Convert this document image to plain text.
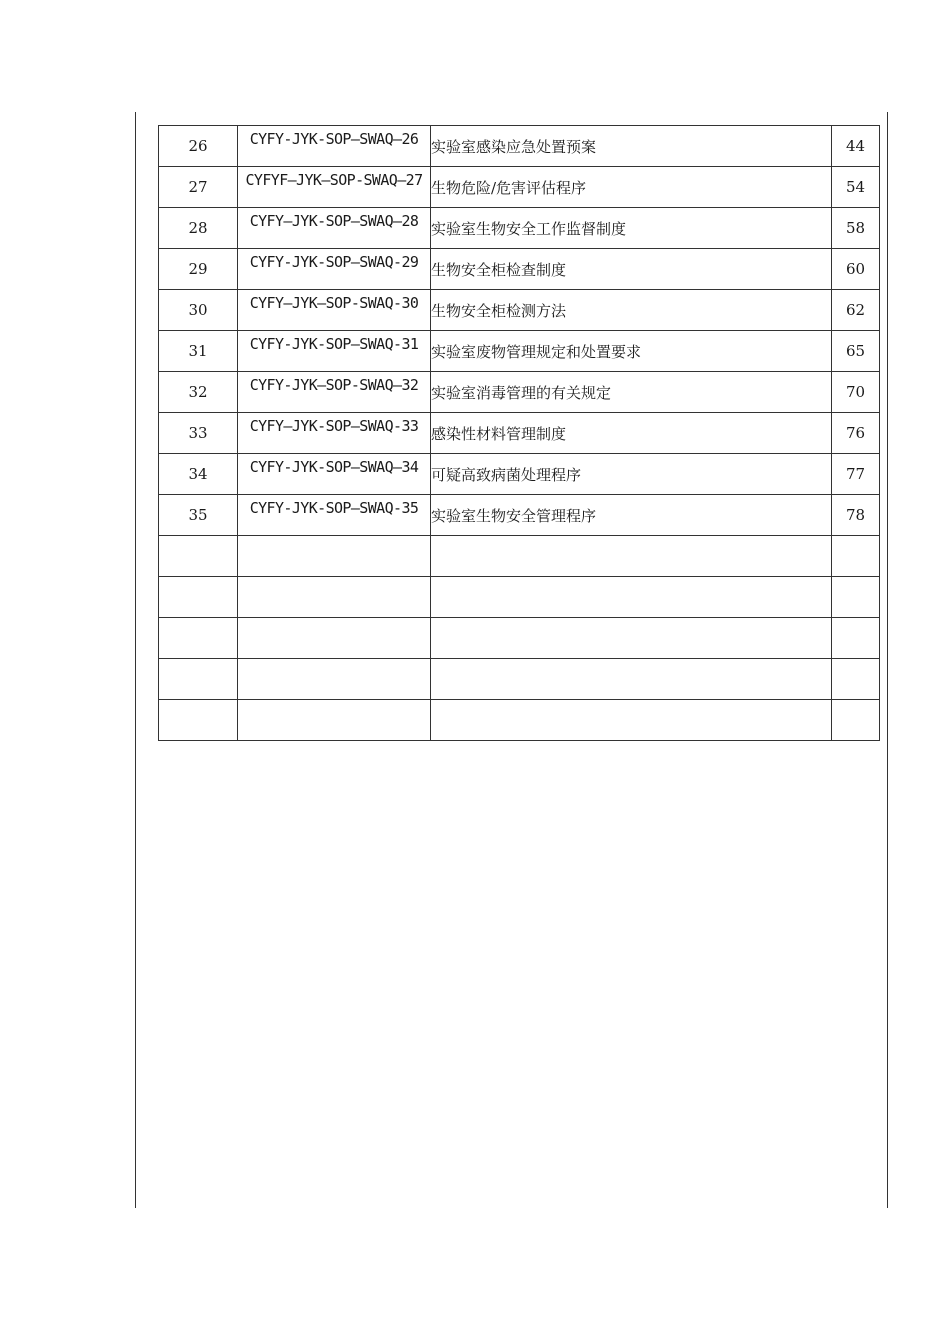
26	CYFY-JYK-SOP—SWAQ—26	实验室感染应急处置预案	44
27	CYFYF—JYK—SOP-SWAQ—27	生物危险/危害评估程序	54
28	CYFY—JYK-SOP—SWAQ—28	实验室生物安全工作监督制度	58
29	CYFY-JYK-SOP—SWAQ-29	生物安全柜检查制度	60
30	CYFY—JYK—SOP-SWAQ-30	生物安全柜检测方法	62
31	CYFY-JYK-SOP—SWAQ-31	实验室废物管理规定和处置要求	65
32	CYFY-JYK—SOP-SWAQ—32	实验室消毒管理的有关规定	70
33	CYFY—JYK-SOP—SWAQ-33	感染性材料管理制度	76
34	CYFY-JYK-SOP—SWAQ—34	可疑高致病菌处理程序	77
35	CYFY-JYK-SOP—SWAQ-35	实验室生物安全管理程序	78
